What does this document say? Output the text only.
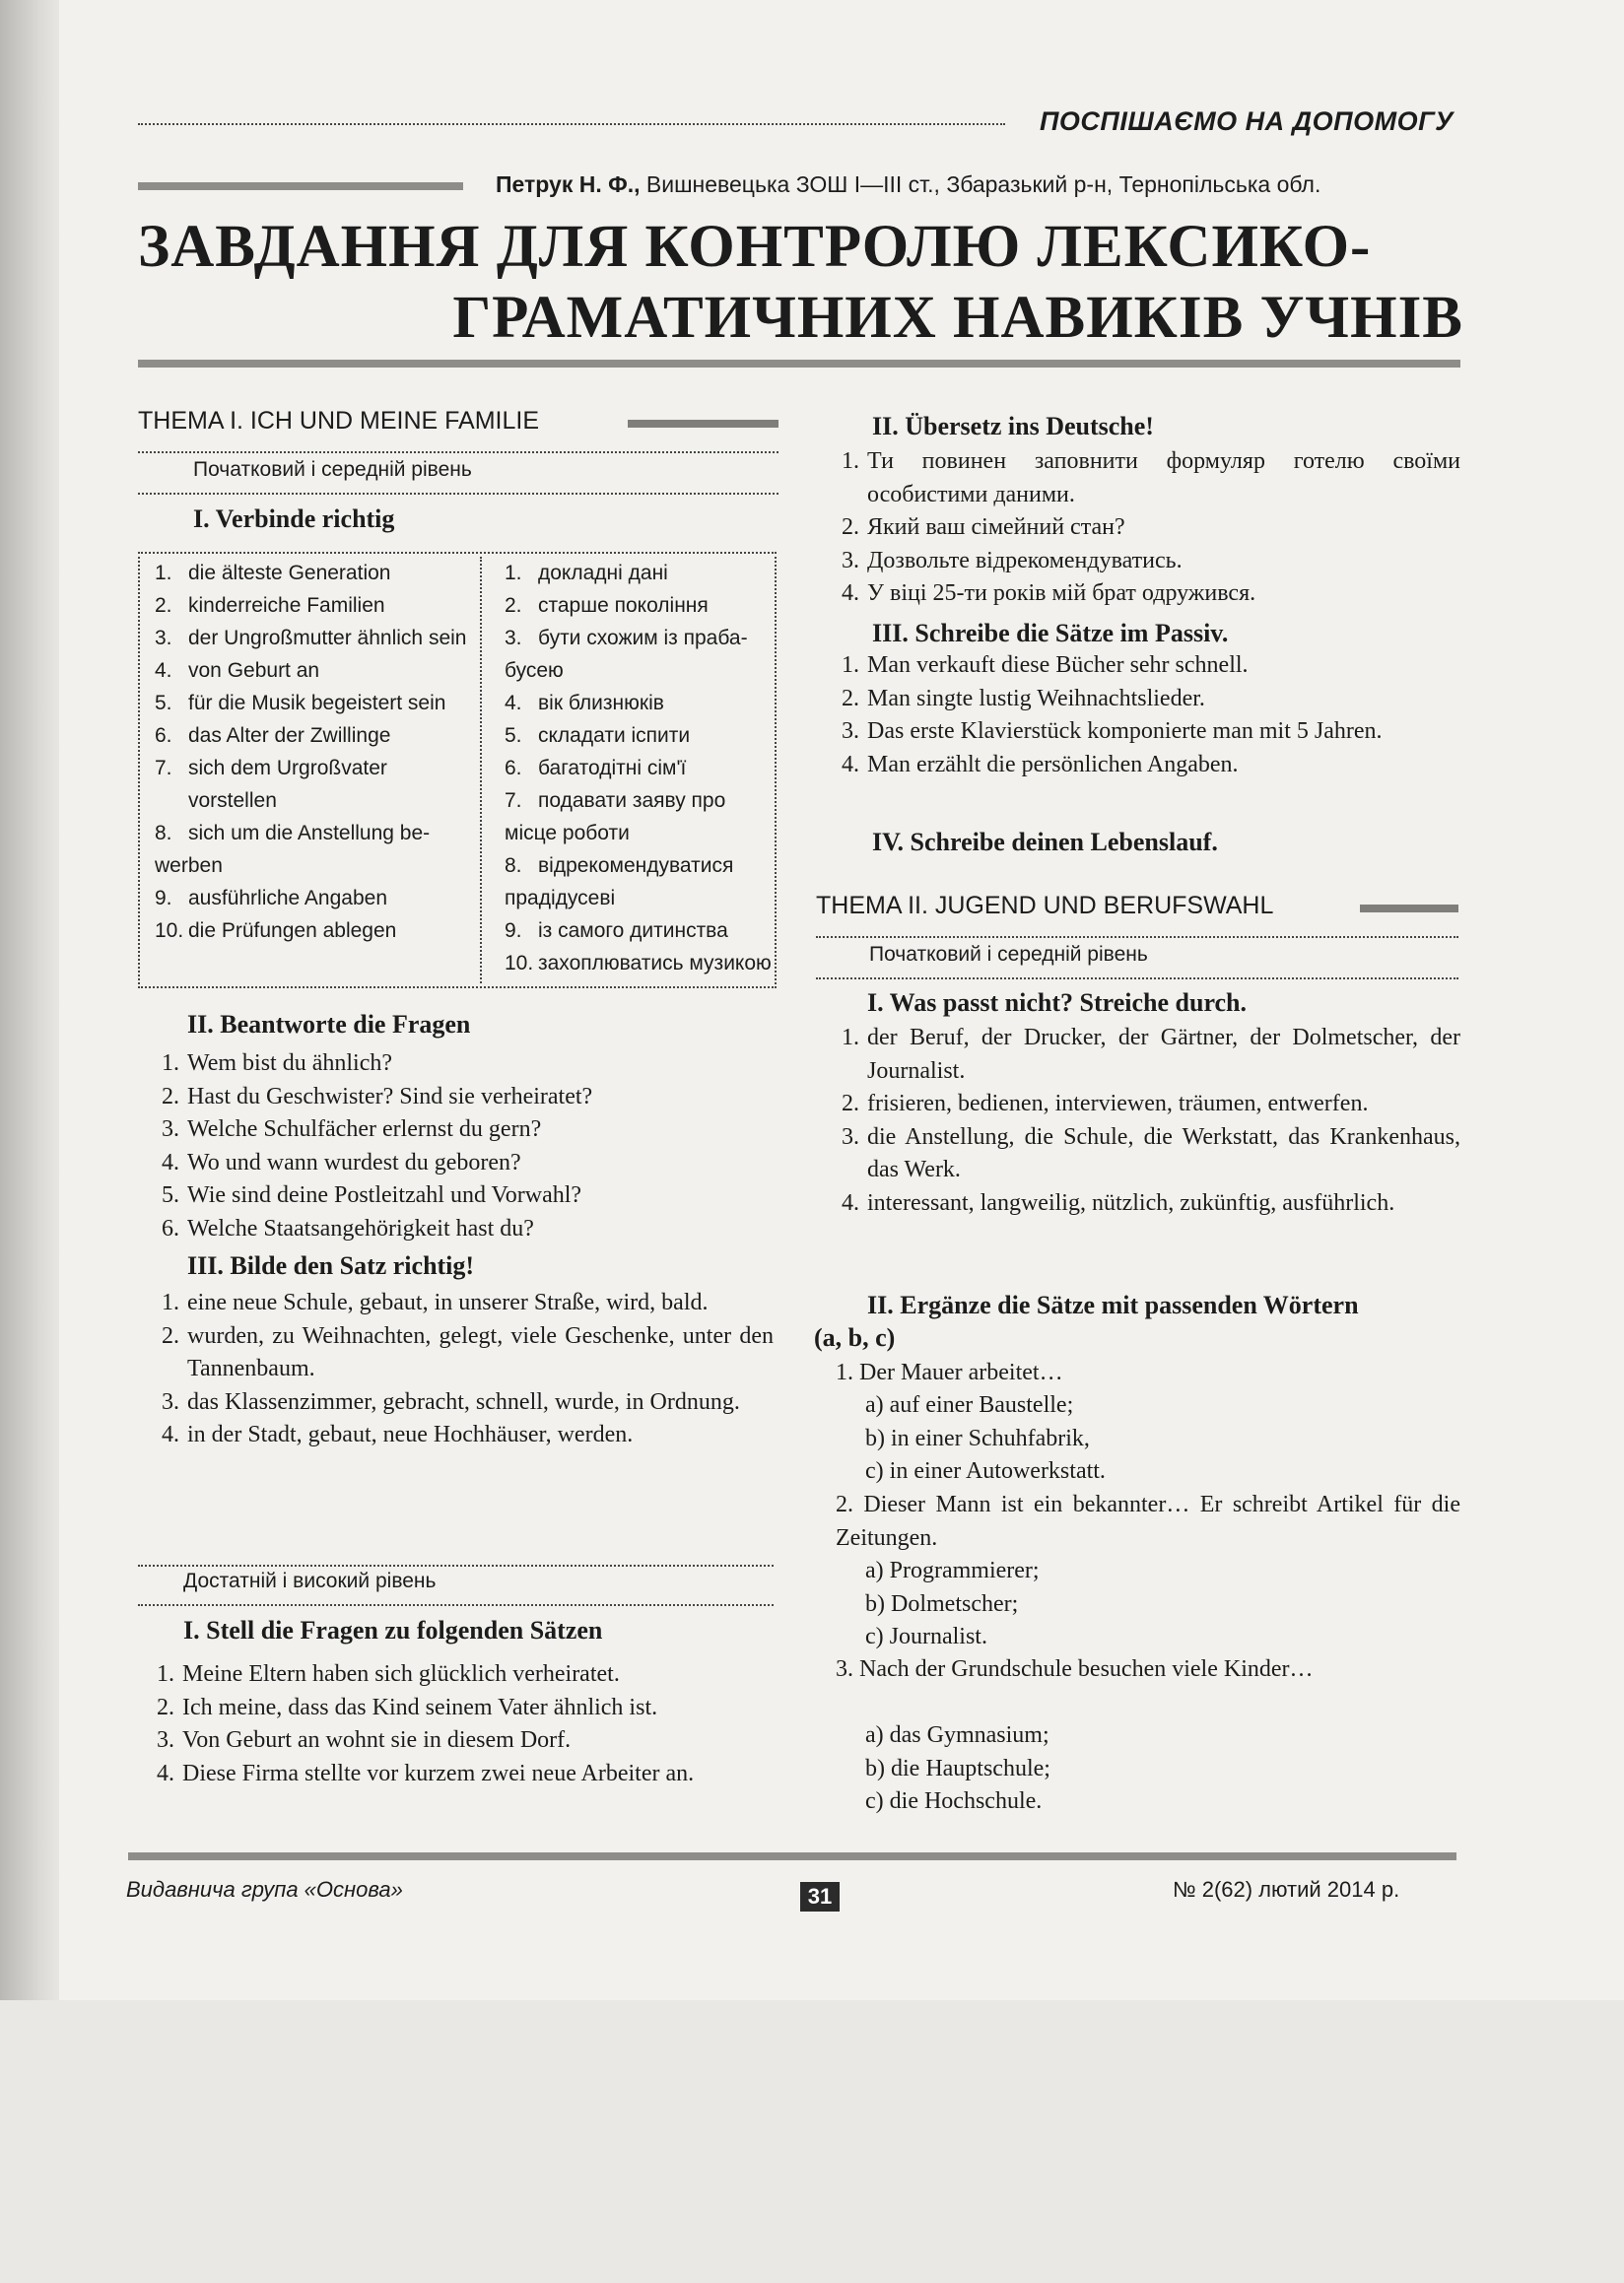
ПОСПІШАЄМО НА ДОПОМОГУ
Петрук Н. Ф., Вишневецька ЗОШ І—ІІІ ст., Збаразький р-н, Тернопільська обл.
ЗАВДАННЯ ДЛЯ КОНТРОЛЮ ЛЕКСИКО-
ГРАМАТИЧНИХ НАВИКІВ УЧНІВ
THEMA I. ICH UND MEINE FAMILIE
Початковий і середній рівень
I. Verbinde richtig
1. die älteste Generation
2. kinderreiche Familien
3. der Ungroßmutter ähnlich sein
4. von Geburt an
5. für die Musik begeistert sein
6. das Alter der Zwillinge
7. sich dem Urgroßvater vorstellen
8. sich um die Anstellung be-
werben
9. ausführliche Angaben
10. die Prüfungen ablegen
1. докладні дані
2. старше покоління
3. бути схожим із праба-
бусею
4. вік близнюків
5. складати іспити
6. багатодітні сім'ї
7. подавати заяву про
місце роботи
8. відрекомендуватися
прадідусеві
9. із самого дитинства
10. захоплюватись музикою
II. Beantworte die Fragen
1. Wem bist du ähnlich?
2. Hast du Geschwister? Sind sie verheiratet?
3. Welche Schulfächer erlernst du gern?
4. Wo und wann wurdest du geboren?
5. Wie sind deine Postleitzahl und Vorwahl?
6. Welche Staatsangehörigkeit hast du?
III. Bilde den Satz richtig!
1. eine neue Schule, gebaut, in unserer Straße, wird, bald.
2. wurden, zu Weihnachten, gelegt, viele Geschenke, unter den Tannenbaum.
3. das Klassenzimmer, gebracht, schnell, wurde, in Ordnung.
4. in der Stadt, gebaut, neue Hochhäuser, werden.
Достатній і високий рівень
I. Stell die Fragen zu folgenden Sätzen
1. Meine Eltern haben sich glücklich verheiratet.
2. Ich meine, dass das Kind seinem Vater ähnlich ist.
3. Von Geburt an wohnt sie in diesem Dorf.
4. Diese Firma stellte vor kurzem zwei neue Arbeiter an.
II. Übersetz ins Deutsche!
1. Ти повинен заповнити формуляр готелю своїми особистими даними.
2. Який ваш сімейний стан?
3. Дозвольте відрекомендуватись.
4. У віці 25-ти років мій брат одружився.
III. Schreibe die Sätze im Passiv.
1. Man verkauft diese Bücher sehr schnell.
2. Man singte lustig Weihnachtslieder.
3. Das erste Klavierstück komponierte man mit 5 Jahren.
4. Man erzählt die persönlichen Angaben.
IV. Schreibe deinen Lebenslauf.
THEMA II. JUGEND UND BERUFSWAHL
Початковий і середній рівень
I. Was passt nicht? Streiche durch.
1. der Beruf, der Drucker, der Gärtner, der Dolmetscher, der Journalist.
2. frisieren, bedienen, interviewen, träumen, entwerfen.
3. die Anstellung, die Schule, die Werkstatt, das Krankenhaus, das Werk.
4. interessant, langweilig, nützlich, zukünftig, ausführlich.
II. Ergänze die Sätze mit passenden Wörtern
(a, b, c)
1. Der Mauer arbeitet…
a) auf einer Baustelle;
b) in einer Schuhfabrik,
c) in einer Autowerkstatt.
2. Dieser Mann ist ein bekannter… Er schreibt Artikel für die Zeitungen.
a) Programmierer;
b) Dolmetscher;
c) Journalist.
3. Nach der Grundschule besuchen viele Kinder…
a) das Gymnasium;
b) die Hauptschule;
c) die Hochschule.
Видавнича група «Основа»	31	№ 2(62) лютий 2014 р.
